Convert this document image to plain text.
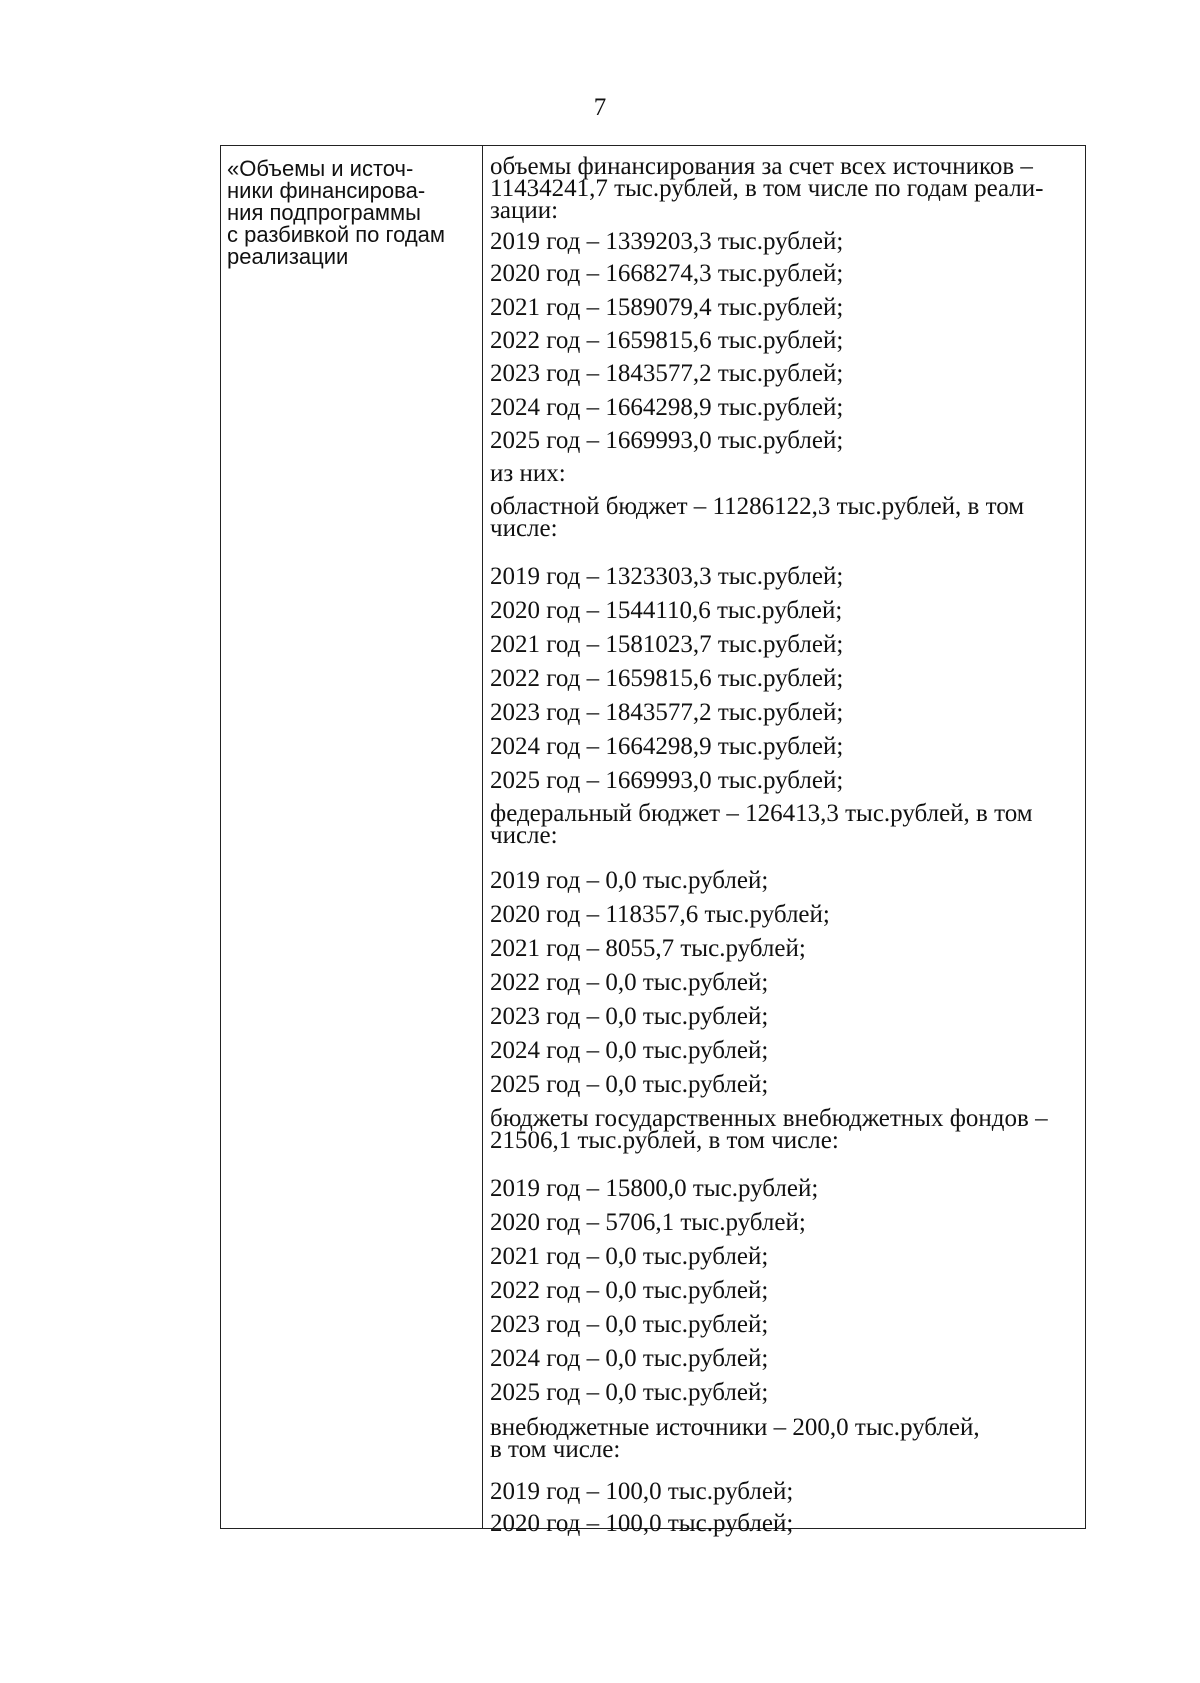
7
«Объемы и источ-
ники финансирова-
ния подпрограммы
с разбивкой по годам
реализации
объемы финансирования за счет всех источников –
11434241,7 тыс.рублей, в том числе по годам реали-
зации:
2019 год – 1339203,3 тыс.рублей;
2020 год – 1668274,3 тыс.рублей;
2021 год – 1589079,4 тыс.рублей;
2022 год – 1659815,6 тыс.рублей;
2023 год – 1843577,2 тыс.рублей;
2024 год – 1664298,9 тыс.рублей;
2025 год – 1669993,0 тыс.рублей;
из них:
областной бюджет – 11286122,3 тыс.рублей, в том
числе:
2019 год – 1323303,3 тыс.рублей;
2020 год – 1544110,6 тыс.рублей;
2021 год – 1581023,7 тыс.рублей;
2022 год – 1659815,6 тыс.рублей;
2023 год – 1843577,2 тыс.рублей;
2024 год – 1664298,9 тыс.рублей;
2025 год – 1669993,0 тыс.рублей;
федеральный бюджет – 126413,3 тыс.рублей, в том
числе:
2019 год – 0,0 тыс.рублей;
2020 год – 118357,6 тыс.рублей;
2021 год – 8055,7 тыс.рублей;
2022 год – 0,0 тыс.рублей;
2023 год – 0,0 тыс.рублей;
2024 год – 0,0 тыс.рублей;
2025 год – 0,0 тыс.рублей;
бюджеты государственных внебюджетных фондов –
21506,1 тыс.рублей, в том числе:
2019 год – 15800,0 тыс.рублей;
2020 год – 5706,1 тыс.рублей;
2021 год – 0,0 тыс.рублей;
2022 год – 0,0 тыс.рублей;
2023 год – 0,0 тыс.рублей;
2024 год – 0,0 тыс.рублей;
2025 год – 0,0 тыс.рублей;
внебюджетные источники – 200,0 тыс.рублей,
в том числе:
2019 год – 100,0 тыс.рублей;
2020 год – 100,0 тыс.рублей;
